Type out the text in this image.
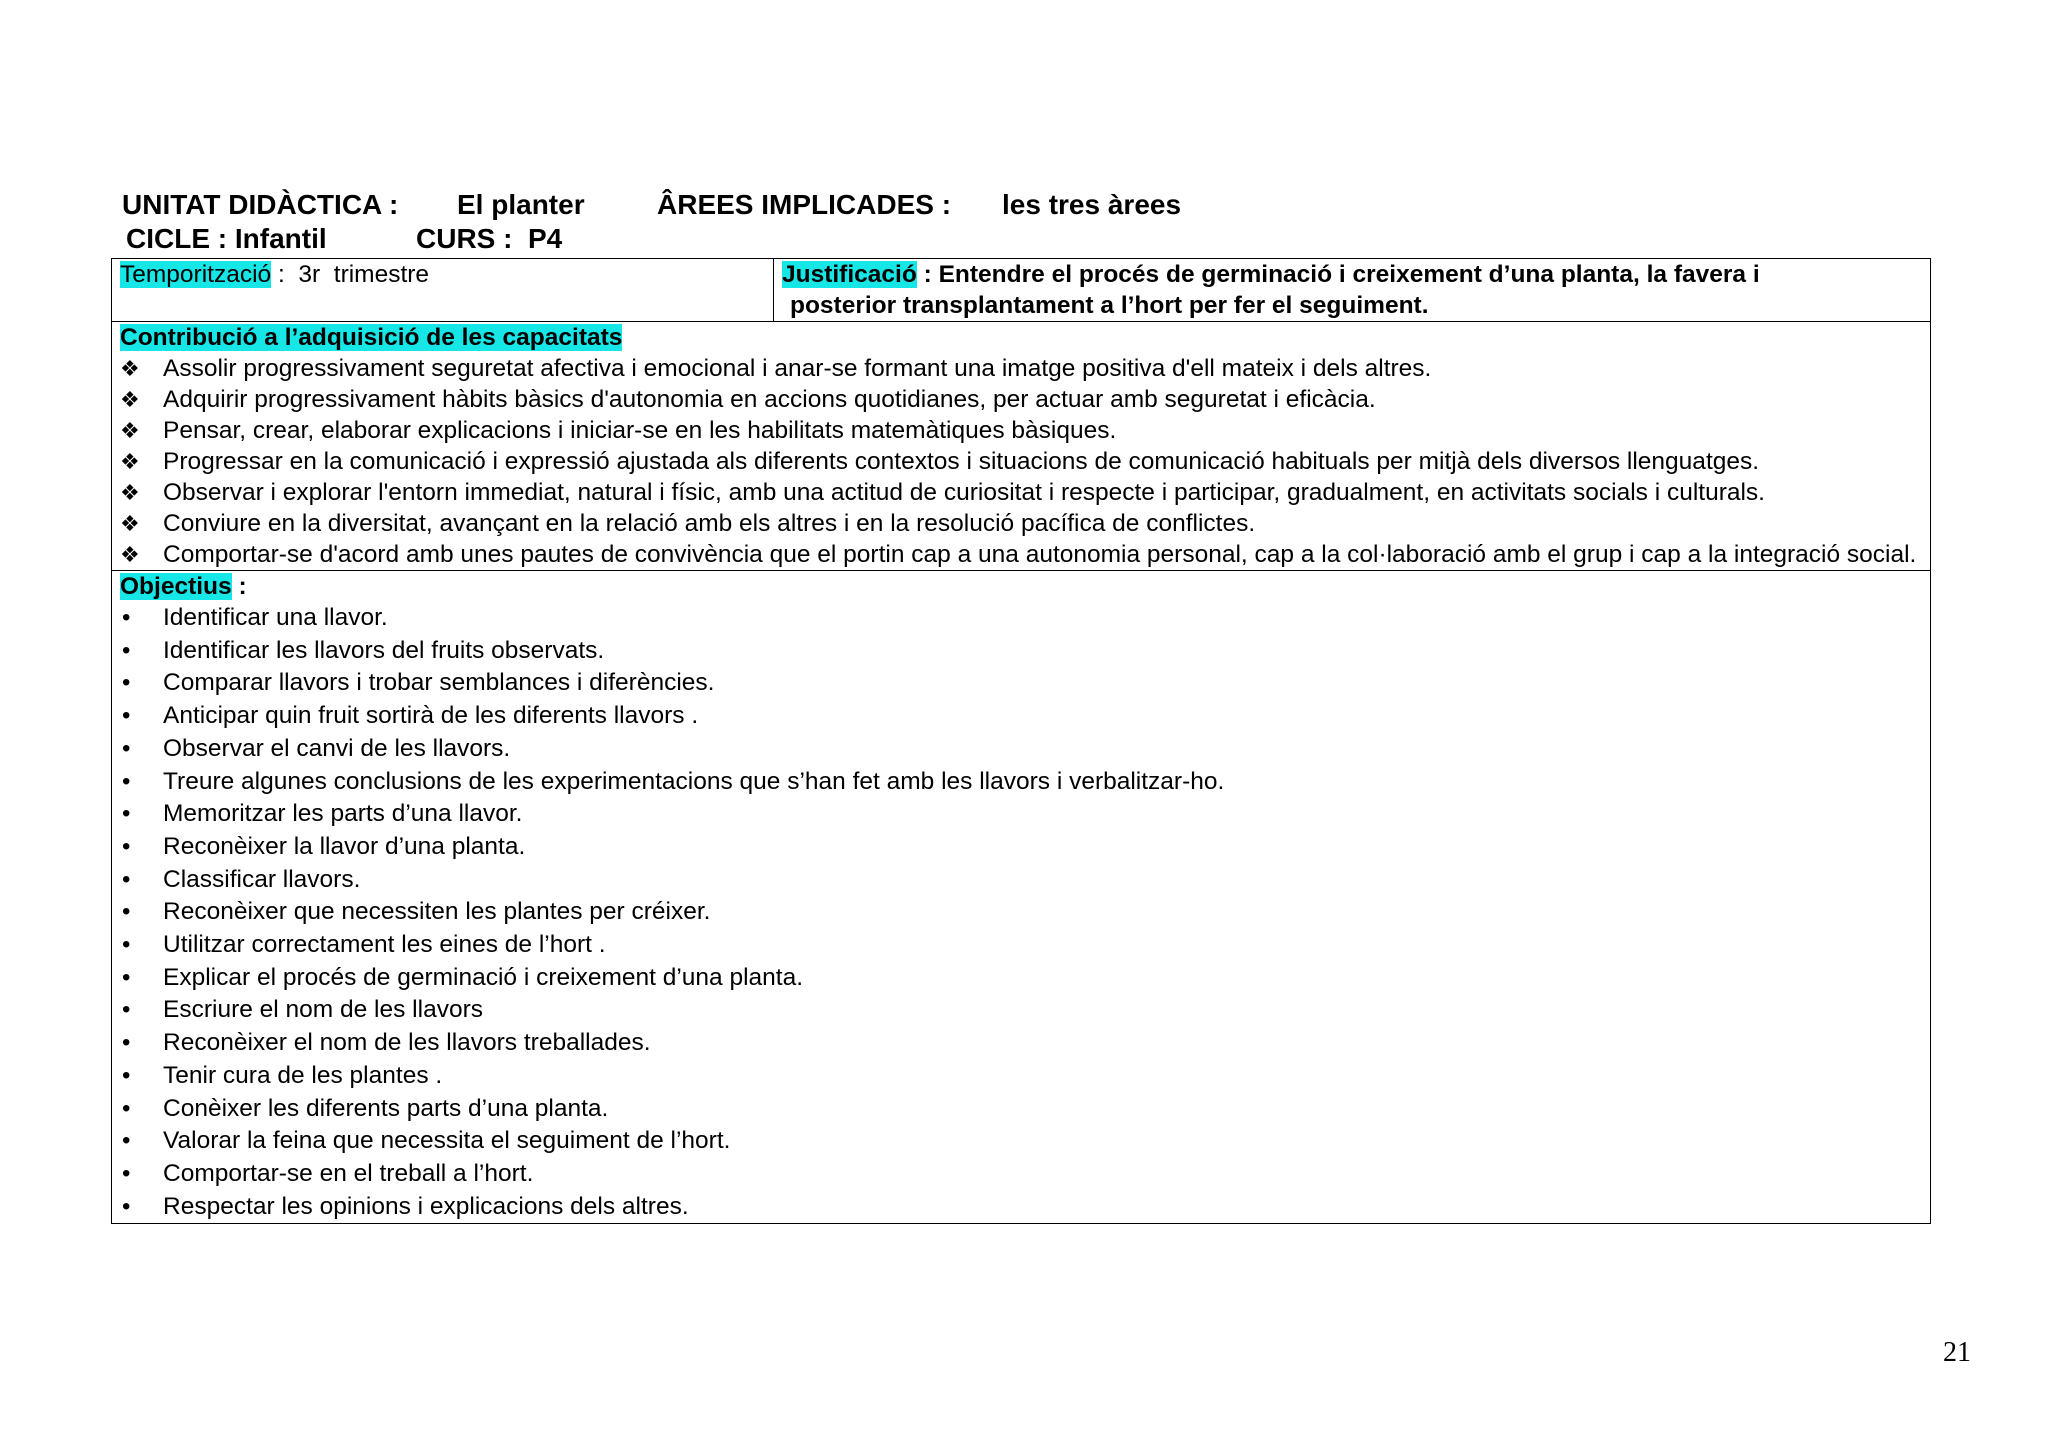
UNITAT DIDÀCTICA : El planter	ÂREES IMPLICADES : les tres àrees
CICLE : Infantil	CURS :  P4
Temporització :  3r  trimestre	Justificació : Entendre el procés de germinació i creixement d’una planta, la favera i
posterior transplantament a l’hort per fer el seguiment.

Contribució a l’adquisició de les capacitats
❖ Assolir progressivament seguretat afectiva i emocional i anar-se formant una imatge positiva d'ell mateix i dels altres.
❖ Adquirir progressivament hàbits bàsics d'autonomia en accions quotidianes, per actuar amb seguretat i eficàcia.
❖ Pensar, crear, elaborar explicacions i iniciar-se en les habilitats matemàtiques bàsiques.
❖ Progressar en la comunicació i expressió ajustada als diferents contextos i situacions de comunicació habituals per mitjà dels diversos llenguatges.
❖ Observar i explorar l'entorn immediat, natural i físic, amb una actitud de curiositat i respecte i participar, gradualment, en activitats socials i culturals.
❖ Conviure en la diversitat, avançant en la relació amb els altres i en la resolució pacífica de conflictes.
❖ Comportar-se d'acord amb unes pautes de convivència que el portin cap a una autonomia personal, cap a la col·laboració amb el grup i cap a la integració social.

Objectius :
• Identificar una llavor.
• Identificar les llavors del fruits observats.
• Comparar llavors i trobar semblances i diferències.
• Anticipar quin fruit sortirà de les diferents llavors .
• Observar el canvi de les llavors.
• Treure algunes conclusions de les experimentacions que s’han fet amb les llavors i verbalitzar-ho.
• Memoritzar les parts d’una llavor.
• Reconèixer la llavor d’una planta.
• Classificar llavors.
• Reconèixer que necessiten les plantes per créixer.
• Utilitzar correctament les eines de l’hort .
• Explicar el procés de germinació i creixement d’una planta.
• Escriure el nom de les llavors
• Reconèixer el nom de les llavors treballades.
• Tenir cura de les plantes .
• Conèixer les diferents parts d’una planta.
• Valorar la feina que necessita el seguiment de l’hort.
• Comportar-se en el treball a l’hort.
• Respectar les opinions i explicacions dels altres.
21
